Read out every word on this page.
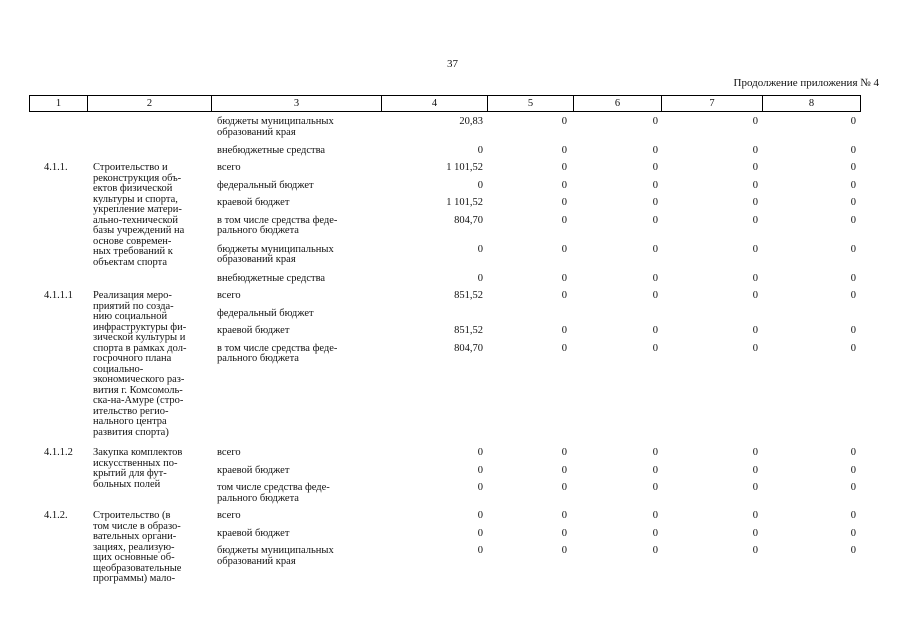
37
Продолжение приложения № 4
1	2	3	4	5	6	7	8
бюджеты муниципальных
образований края
20,83	0	0	0	0
внебюджетные средства	0	0	0	0	0
4.1.1. Строительство и
реконструкция объ-
ектов физической
культуры и спорта,
укрепление матери-
ально-технической
базы учреждений на
основе современ-
ных требований к
объектам спорта
всего	1 101,52	0	0	0	0
федеральный бюджет	0	0	0	0	0
краевой бюджет	1 101,52	0	0	0	0
в том числе средства феде-
рального бюджета
804,70	0	0	0	0
бюджеты муниципальных
образований края
0	0	0	0	0
внебюджетные средства	0	0	0	0	0
4.1.1.1 Реализация меро-
приятий по созда-
нию социальной
инфраструктуры фи-
зической культуры и
спорта в рамках дол-
госрочного плана
социально-
экономического раз-
вития г. Комсомоль-
ска-на-Амуре (стро-
ительство регио-
нального центра
развития спорта)
всего	851,52	0	0	0	0
федеральный бюджет
краевой бюджет	851,52	0	0	0	0
в том числе средства феде-
рального бюджета
804,70	0	0	0	0
4.1.1.2 Закупка комплектов
искусственных по-
крытий для фут-
больных полей
всего	0	0	0	0	0
краевой бюджет	0	0	0	0	0
том числе средства феде-
рального бюджета
0	0	0	0	0
4.1.2. Строительство (в
том числе в образо-
вательных органи-
зациях, реализую-
щих основные об-
щеобразовательные
программы) мало-
всего	0	0	0	0	0
краевой бюджет	0	0	0	0	0
бюджеты муниципальных
образований края
0	0	0	0	0
